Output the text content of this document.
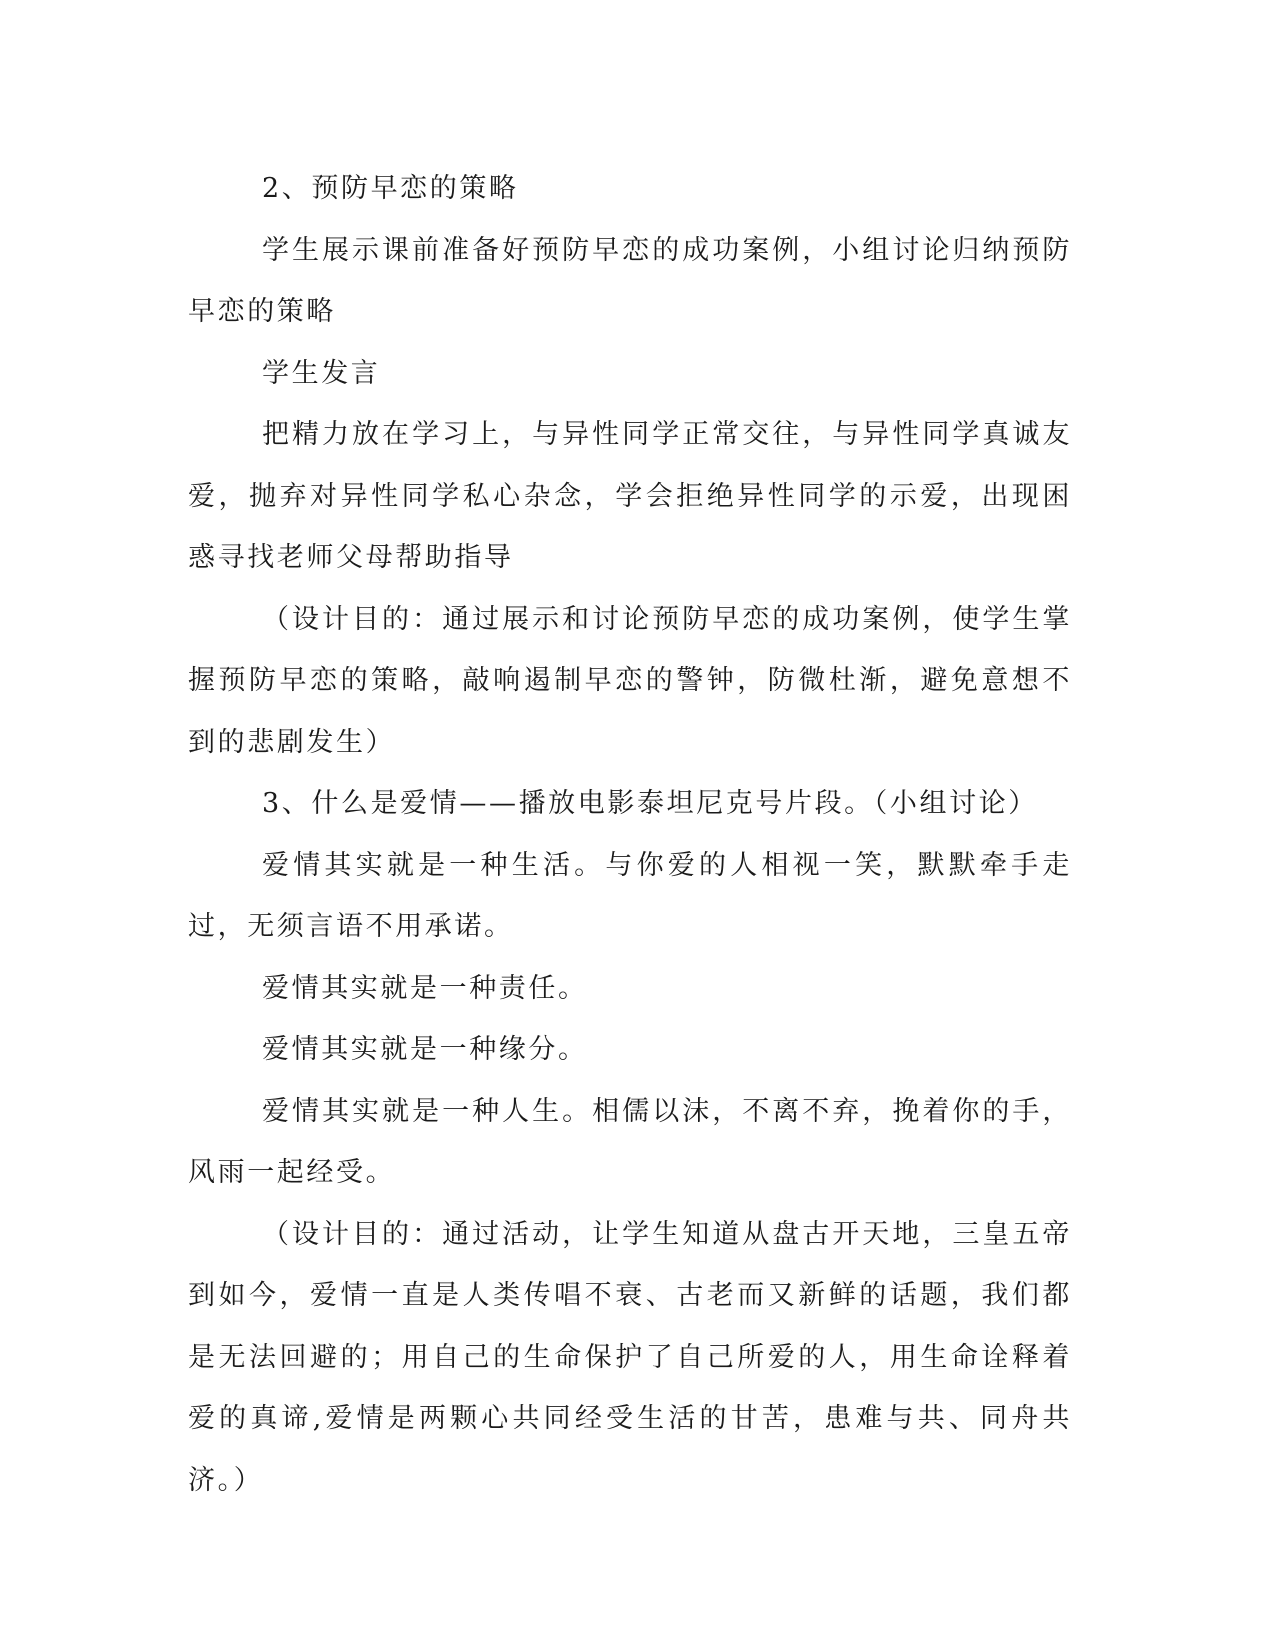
2、预防早恋的策略

学生展示课前准备好预防早恋的成功案例，小组讨论归纳预防早恋的策略

学生发言

把精力放在学习上，与异性同学正常交往，与异性同学真诚友爱，抛弃对异性同学私心杂念，学会拒绝异性同学的示爱，出现困惑寻找老师父母帮助指导

（设计目的：通过展示和讨论预防早恋的成功案例，使学生掌握预防早恋的策略，敲响遏制早恋的警钟，防微杜渐，避免意想不到的悲剧发生）

3、什么是爱情——播放电影泰坦尼克号片段。（小组讨论）

爱情其实就是一种生活。与你爱的人相视一笑，默默牵手走过，无须言语不用承诺。

爱情其实就是一种责任。

爱情其实就是一种缘分。

爱情其实就是一种人生。相儒以沫，不离不弃，挽着你的手，风雨一起经受。

（设计目的：通过活动，让学生知道从盘古开天地，三皇五帝到如今，爱情一直是人类传唱不衰、古老而又新鲜的话题，我们都是无法回避的；用自己的生命保护了自己所爱的人，用生命诠释着爱的真谛,爱情是两颗心共同经受生活的甘苦，患难与共、同舟共济。）
